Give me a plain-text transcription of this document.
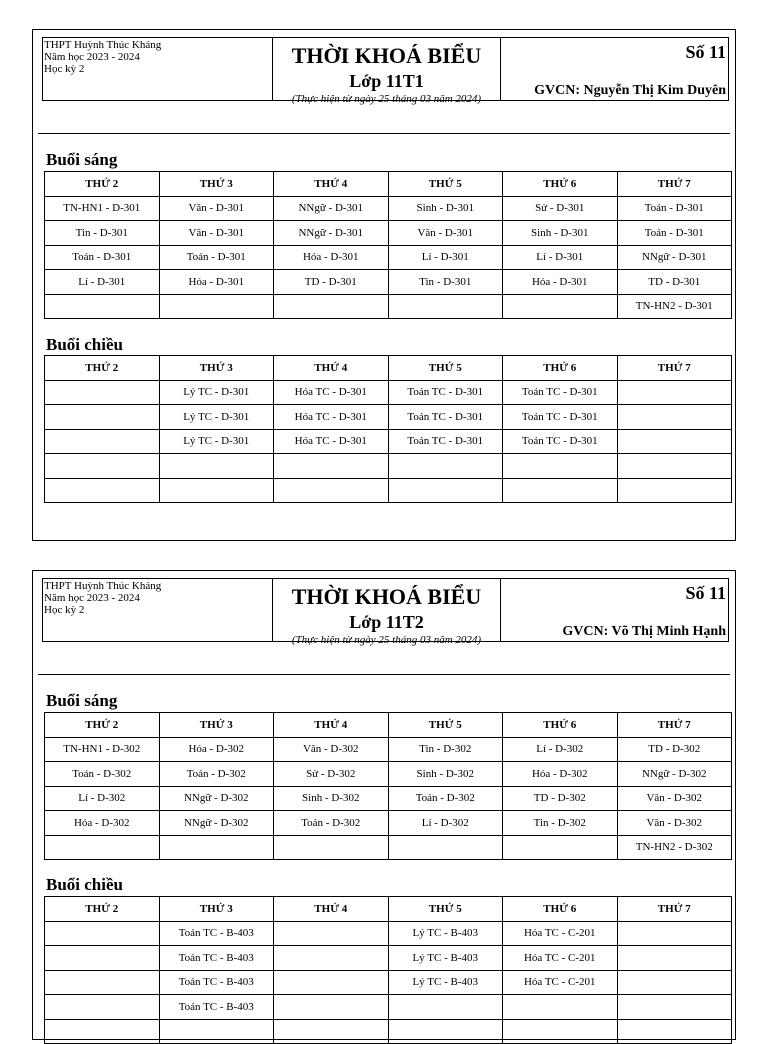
THPT Huỳnh Thúc Kháng
Năm học 2023 - 2024
Học kỳ 2
THỜI KHOÁ BIỂU
Lớp 11T1
(Thực hiện từ ngày 25 tháng 03 năm 2024)
Số 11
GVCN: Nguyễn Thị Kim Duyên
Buổi sáng
THỨ 2	THỨ 3	THỨ 4	THỨ 5	THỨ 6	THỨ 7
TN-HN1 - D-301	Văn - D-301	NNgữ - D-301	Sinh - D-301	Sử - D-301	Toán - D-301
Tin - D-301	Văn - D-301	NNgữ - D-301	Văn - D-301	Sinh - D-301	Toán - D-301
Toán - D-301	Toán - D-301	Hóa - D-301	Lí - D-301	Lí - D-301	NNgữ - D-301
Lí - D-301	Hóa - D-301	TD - D-301	Tin - D-301	Hóa - D-301	TD - D-301
					TN-HN2 - D-301
Buổi chiều
THỨ 2	THỨ 3	THỨ 4	THỨ 5	THỨ 6	THỨ 7
	Lý TC - D-301	Hóa TC - D-301	Toán TC - D-301	Toán TC - D-301	
	Lý TC - D-301	Hóa TC - D-301	Toán TC - D-301	Toán TC - D-301	
	Lý TC - D-301	Hóa TC - D-301	Toán TC - D-301	Toán TC - D-301	

THPT Huỳnh Thúc Kháng
Năm học 2023 - 2024
Học kỳ 2
THỜI KHOÁ BIỂU
Lớp 11T2
(Thực hiện từ ngày 25 tháng 03 năm 2024)
Số 11
GVCN: Võ Thị Minh Hạnh
Buổi sáng
THỨ 2	THỨ 3	THỨ 4	THỨ 5	THỨ 6	THỨ 7
TN-HN1 - D-302	Hóa - D-302	Văn - D-302	Tin - D-302	Lí - D-302	TD - D-302
Toán - D-302	Toán - D-302	Sử - D-302	Sinh - D-302	Hóa - D-302	NNgữ - D-302
Lí - D-302	NNgữ - D-302	Sinh - D-302	Toán - D-302	TD - D-302	Văn - D-302
Hóa - D-302	NNgữ - D-302	Toán - D-302	Lí - D-302	Tin - D-302	Văn - D-302
					TN-HN2 - D-302
Buổi chiều
THỨ 2	THỨ 3	THỨ 4	THỨ 5	THỨ 6	THỨ 7
	Toán TC - B-403		Lý TC - B-403	Hóa TC - C-201	
	Toán TC - B-403		Lý TC - B-403	Hóa TC - C-201	
	Toán TC - B-403		Lý TC - B-403	Hóa TC - C-201	
	Toán TC - B-403				
